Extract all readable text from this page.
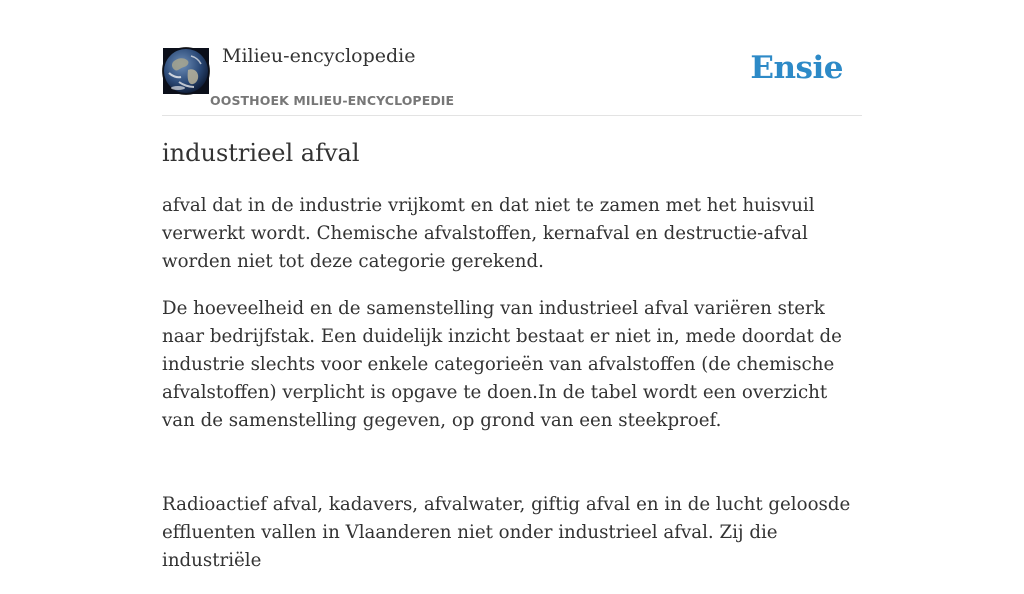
Milieu-encyclopedie
OOSTHOEK MILIEU-ENCYCLOPEDIE
Ensie
industrieel afval

afval dat in de industrie vrijkomt en dat niet te zamen met het huisvuil verwerkt wordt. Chemische afvalstoffen, kernafval en destructie-afval worden niet tot deze categorie gerekend.

De hoeveelheid en de samenstelling van industrieel afval variëren sterk naar bedrijfstak. Een duidelijk inzicht bestaat er niet in, mede doordat de industrie slechts voor enkele categorieën van afvalstoffen (de chemische afvalstoffen) verplicht is opgave te doen.In de tabel wordt een overzicht van de samenstelling gegeven, op grond van een steekproef.

Radioactief afval, kadavers, afvalwater, giftig afval en in de lucht geloosde effluenten vallen in Vlaanderen niet onder industrieel afval. Zij die industriële
